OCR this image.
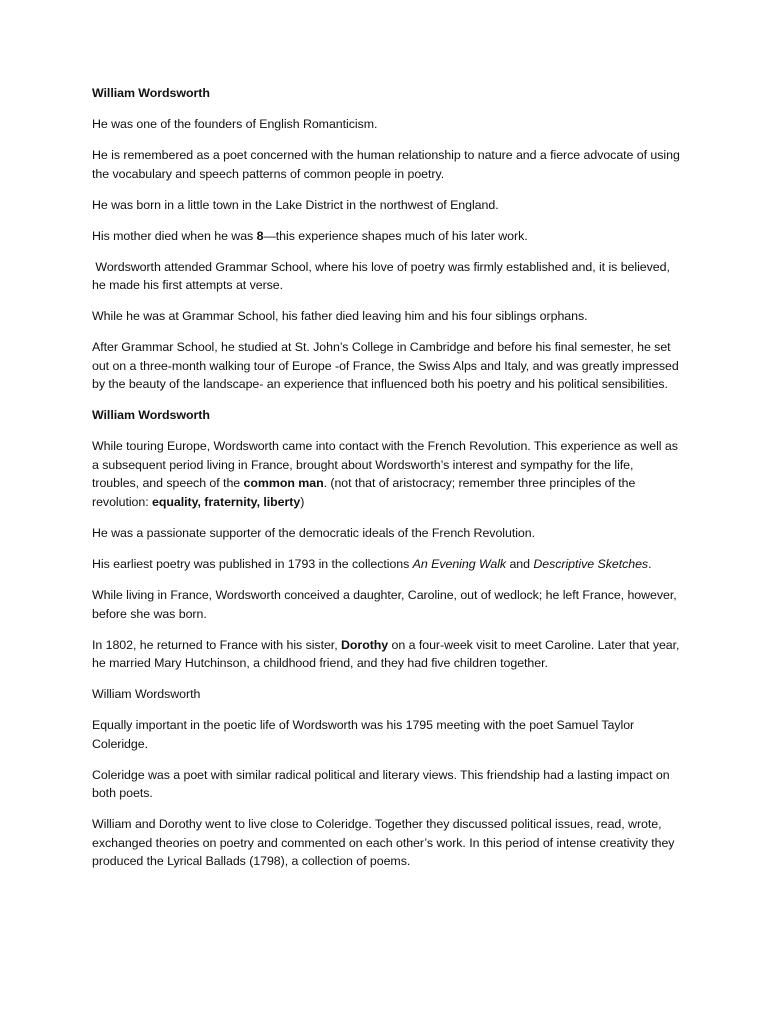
William Wordsworth

He was one of the founders of English Romanticism.

He is remembered as a poet concerned with the human relationship to nature and a fierce advocate of using the vocabulary and speech patterns of common people in poetry.

He was born in a little town in the Lake District in the northwest of England.

His mother died when he was 8—this experience shapes much of his later work.

Wordsworth attended Grammar School, where his love of poetry was firmly established and, it is believed, he made his first attempts at verse.

While he was at Grammar School, his father died leaving him and his four siblings orphans.

After Grammar School, he studied at St. John’s College in Cambridge and before his final semester, he set out on a three-month walking tour of Europe -of France, the Swiss Alps and Italy, and was greatly impressed by the beauty of the landscape- an experience that influenced both his poetry and his political sensibilities.

William Wordsworth

While touring Europe, Wordsworth came into contact with the French Revolution. This experience as well as a subsequent period living in France, brought about Wordsworth’s interest and sympathy for the life, troubles, and speech of the common man. (not that of aristocracy; remember three principles of the revolution: equality, fraternity, liberty)

He was a passionate supporter of the democratic ideals of the French Revolution.

His earliest poetry was published in 1793 in the collections An Evening Walk and Descriptive Sketches.

While living in France, Wordsworth conceived a daughter, Caroline, out of wedlock; he left France, however, before she was born.

In 1802, he returned to France with his sister, Dorothy on a four-week visit to meet Caroline. Later that year, he married Mary Hutchinson, a childhood friend, and they had five children together.

William Wordsworth

Equally important in the poetic life of Wordsworth was his 1795 meeting with the poet Samuel Taylor Coleridge.

Coleridge was a poet with similar radical political and literary views. This friendship had a lasting impact on both poets.

William and Dorothy went to live close to Coleridge. Together they discussed political issues, read, wrote, exchanged theories on poetry and commented on each other’s work. In this period of intense creativity they produced the Lyrical Ballads (1798), a collection of poems.
